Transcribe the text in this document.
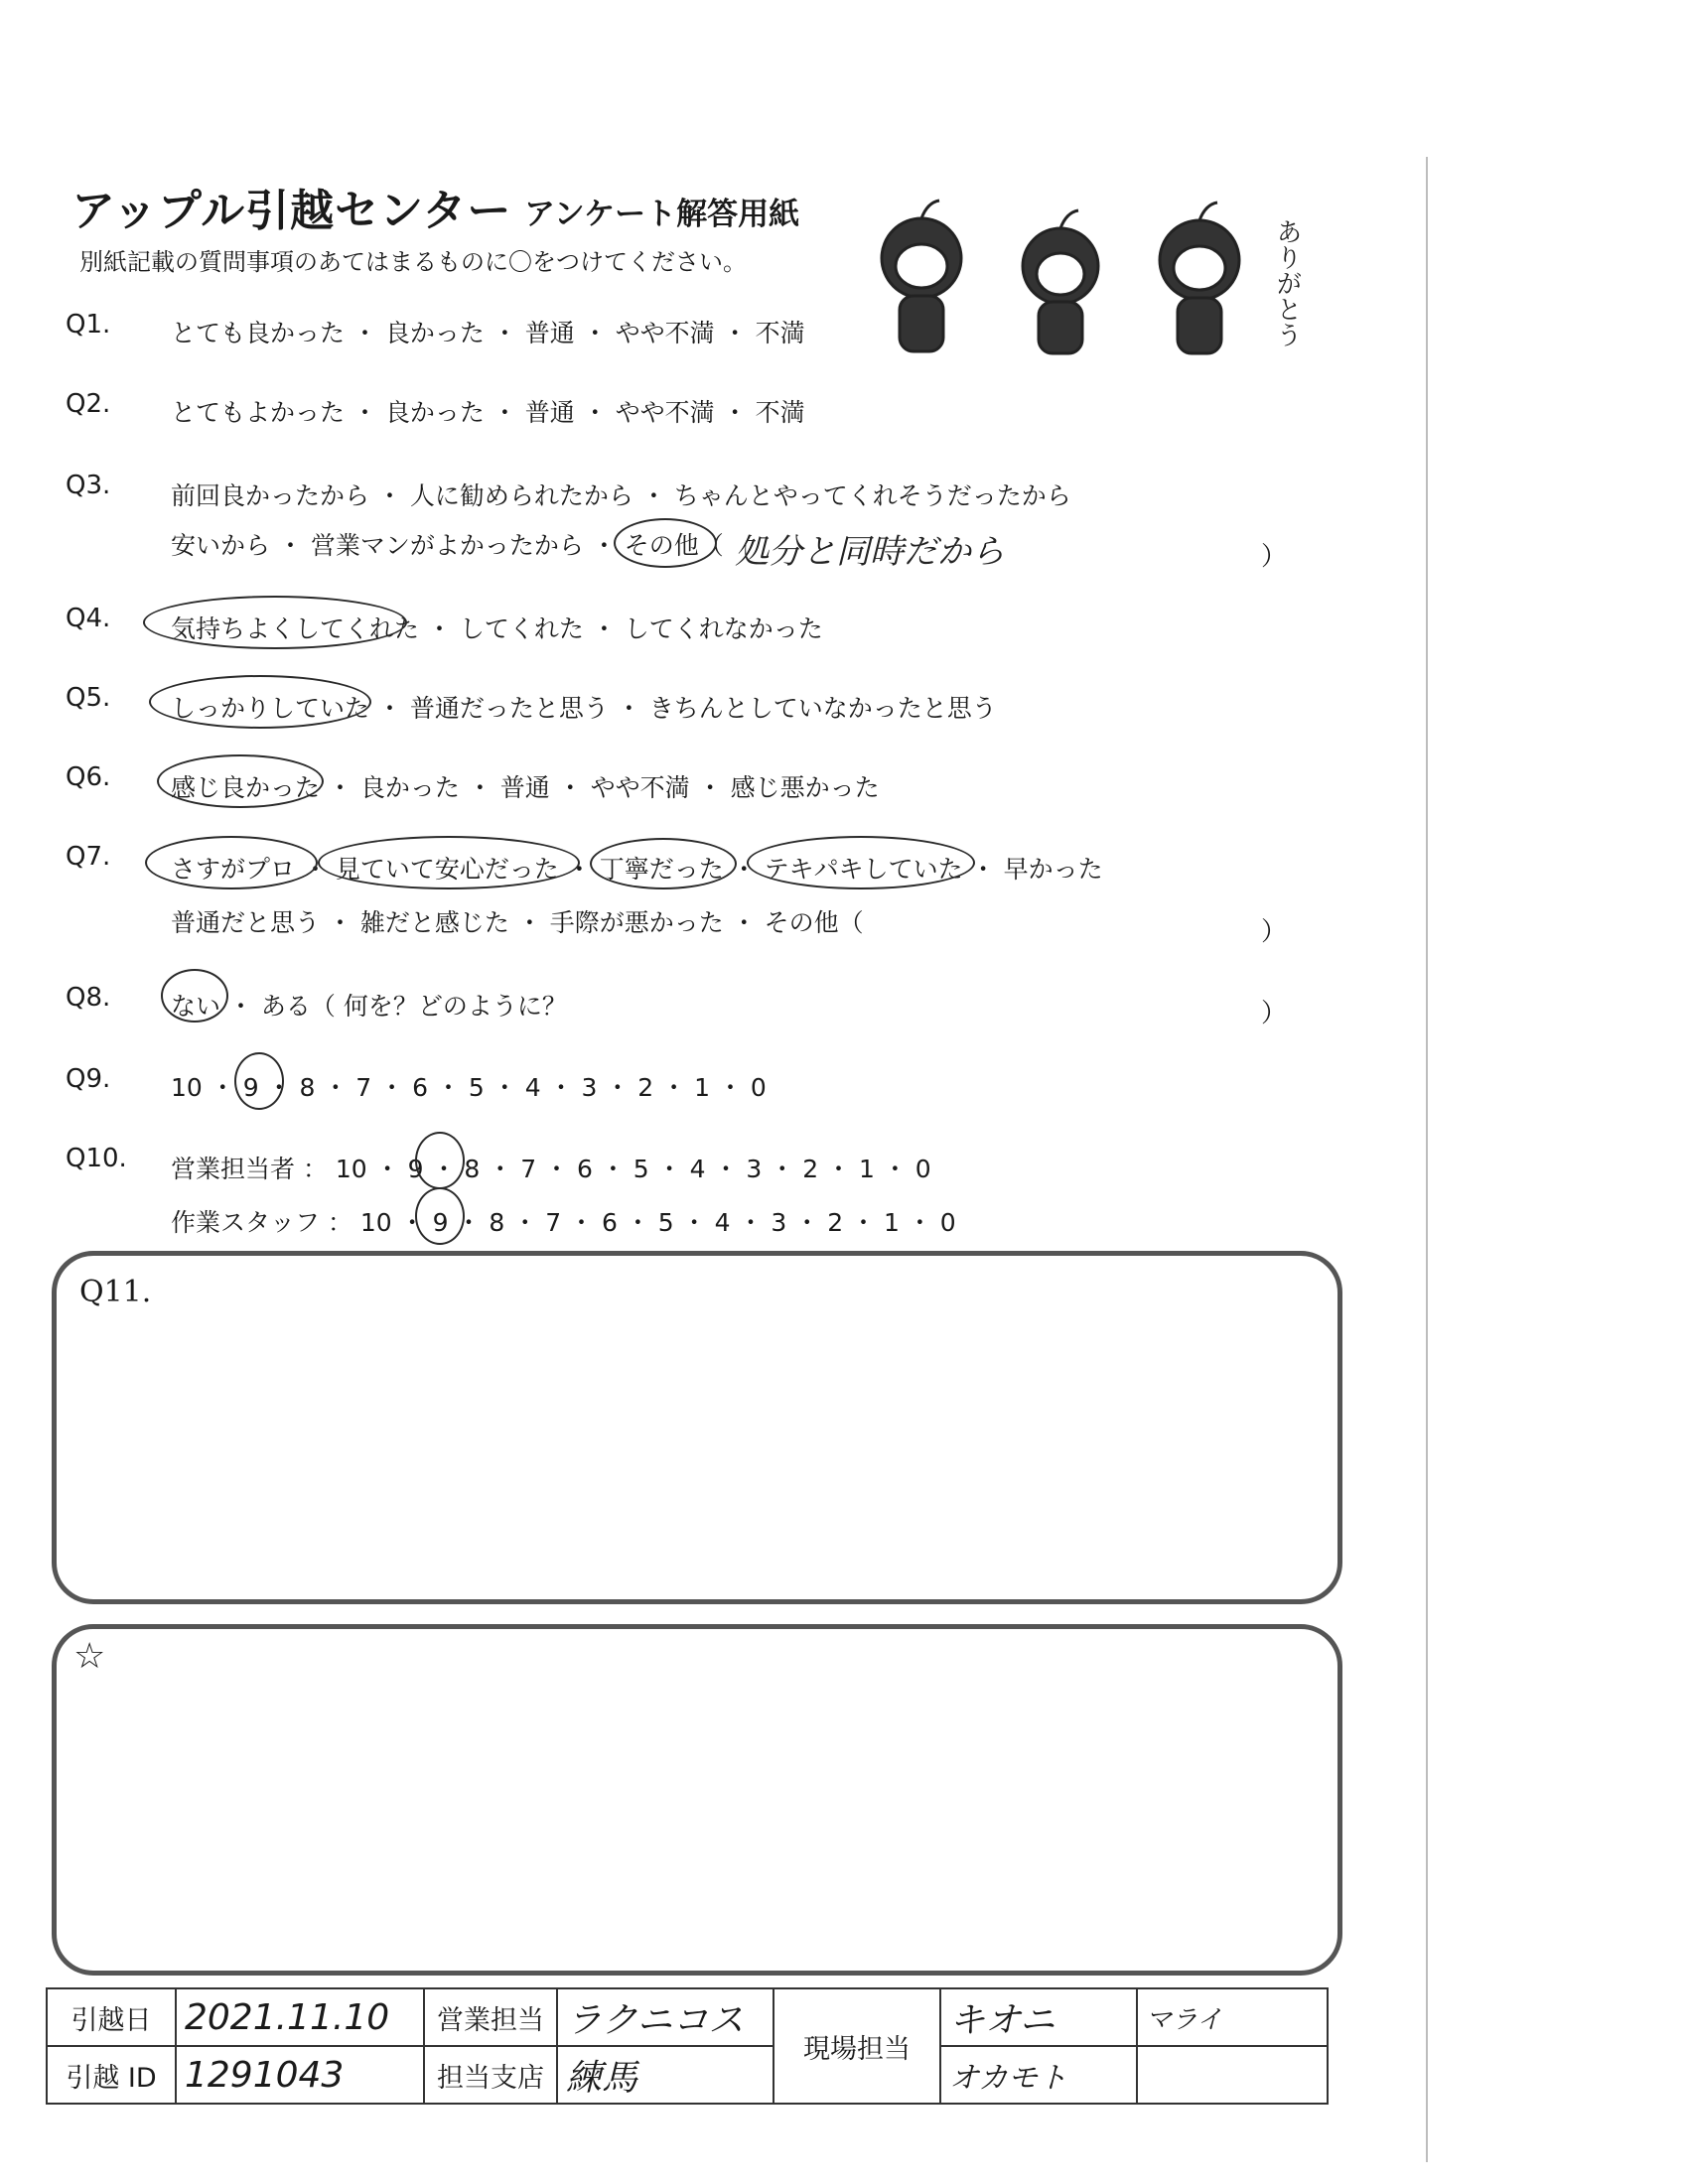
アップル引越センター アンケート解答用紙
別紙記載の質問事項のあてはまるものに〇をつけてください。	ありがとう
Q1. とても良かった ・ 良かった ・ 普通 ・ やや不満 ・ 不満
Q2. とてもよかった ・ 良かった ・ 普通 ・ やや不満 ・ 不満
Q3. 前回良かったから ・ 人に勧められたから ・ ちゃんとやってくれそうだったから
安いから ・ 営業マンがよかったから ・ その他（ 処分と同時だから	）
Q4. 気持ちよくしてくれた ・ してくれた ・ してくれなかった
Q5. しっかりしていた ・ 普通だったと思う ・ きちんとしていなかったと思う
Q6. 感じ良かった ・ 良かった ・ 普通 ・ やや不満 ・ 感じ悪かった
Q7. さすがプロ ・ 見ていて安心だった ・ 丁寧だった ・ テキパキしていた ・ 早かった
普通だと思う ・ 雑だと感じた ・ 手際が悪かった ・ その他（	）
Q8. ない ・ ある（ 何を？どのように？	）
Q9. 10 ・ 9 ・ 8 ・ 7 ・ 6 ・ 5 ・ 4 ・ 3 ・ 2 ・ 1 ・ 0
Q10. 営業担当者 ： 10 ・ 9 ・ 8 ・ 7 ・ 6 ・ 5 ・ 4 ・ 3 ・ 2 ・ 1 ・ 0
作業スタッフ ： 10 ・ 9 ・ 8 ・ 7 ・ 6 ・ 5 ・ 4 ・ 3 ・ 2 ・ 1 ・ 0
Q11.
☆
引越日	2021.11.10	営業担当	ラクニコス	現場担当	キオニ	マライ
引越 ID	1291043	担当支店	練馬		オカモト	
